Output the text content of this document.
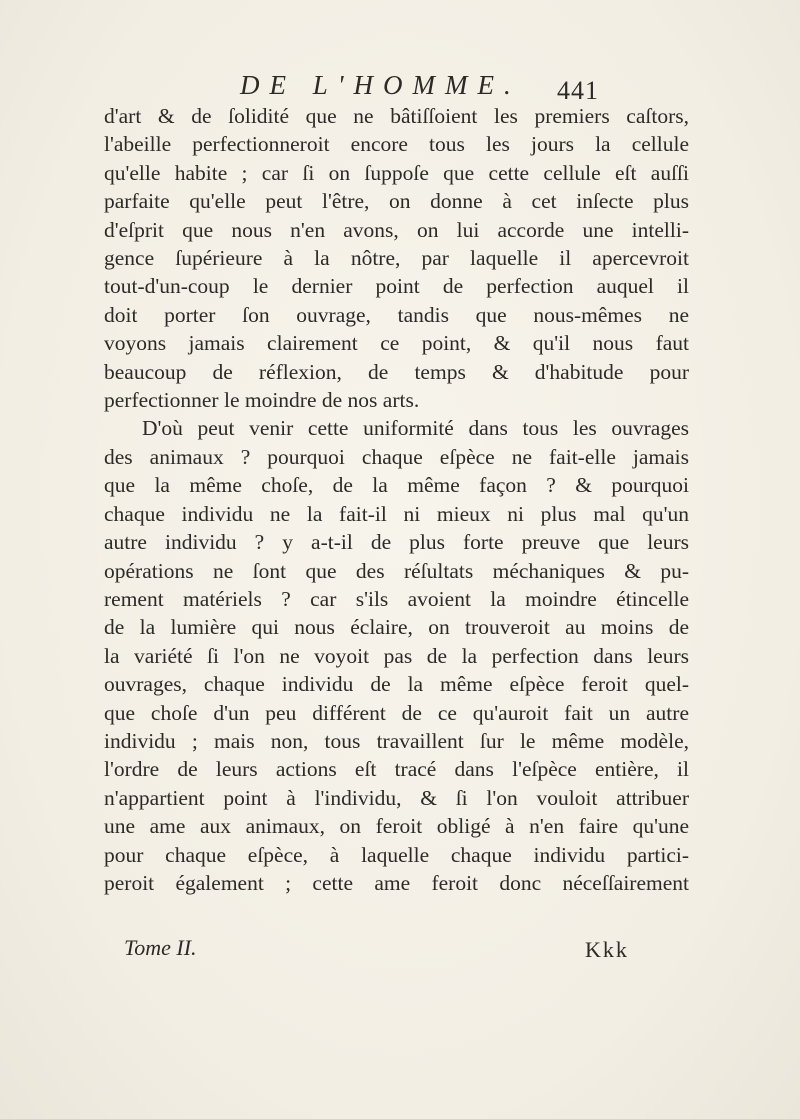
DE L'HOMME. 441
d'art & de ſolidité que ne bâtiſſoient les premiers caſtors,
l'abeille perfectionneroit encore tous les jours la cellule
qu'elle habite ; car ſi on ſuppoſe que cette cellule eſt auſſi
parfaite qu'elle peut l'être, on donne à cet inſecte plus
d'eſprit que nous n'en avons, on lui accorde une intelli-
gence ſupérieure à la nôtre, par laquelle il apercevroit
tout-d'un-coup le dernier point de perfection auquel il
doit porter ſon ouvrage, tandis que nous-mêmes ne
voyons jamais clairement ce point, & qu'il nous faut
beaucoup de réflexion, de temps & d'habitude pour
perfectionner le moindre de nos arts.
D'où peut venir cette uniformité dans tous les ouvrages
des animaux ? pourquoi chaque eſpèce ne fait-elle jamais
que la même choſe, de la même façon ? & pourquoi
chaque individu ne la fait-il ni mieux ni plus mal qu'un
autre individu ? y a-t-il de plus forte preuve que leurs
opérations ne ſont que des réſultats méchaniques & pu-
rement matériels ? car s'ils avoient la moindre étincelle
de la lumière qui nous éclaire, on trouveroit au moins de
la variété ſi l'on ne voyoit pas de la perfection dans leurs
ouvrages, chaque individu de la même eſpèce feroit quel-
que choſe d'un peu différent de ce qu'auroit fait un autre
individu ; mais non, tous travaillent ſur le même modèle,
l'ordre de leurs actions eſt tracé dans l'eſpèce entière, il
n'appartient point à l'individu, & ſi l'on vouloit attribuer
une ame aux animaux, on feroit obligé à n'en faire qu'une
pour chaque eſpèce, à laquelle chaque individu partici-
peroit également ; cette ame feroit donc néceſſairement
Tome II.	Kkk
